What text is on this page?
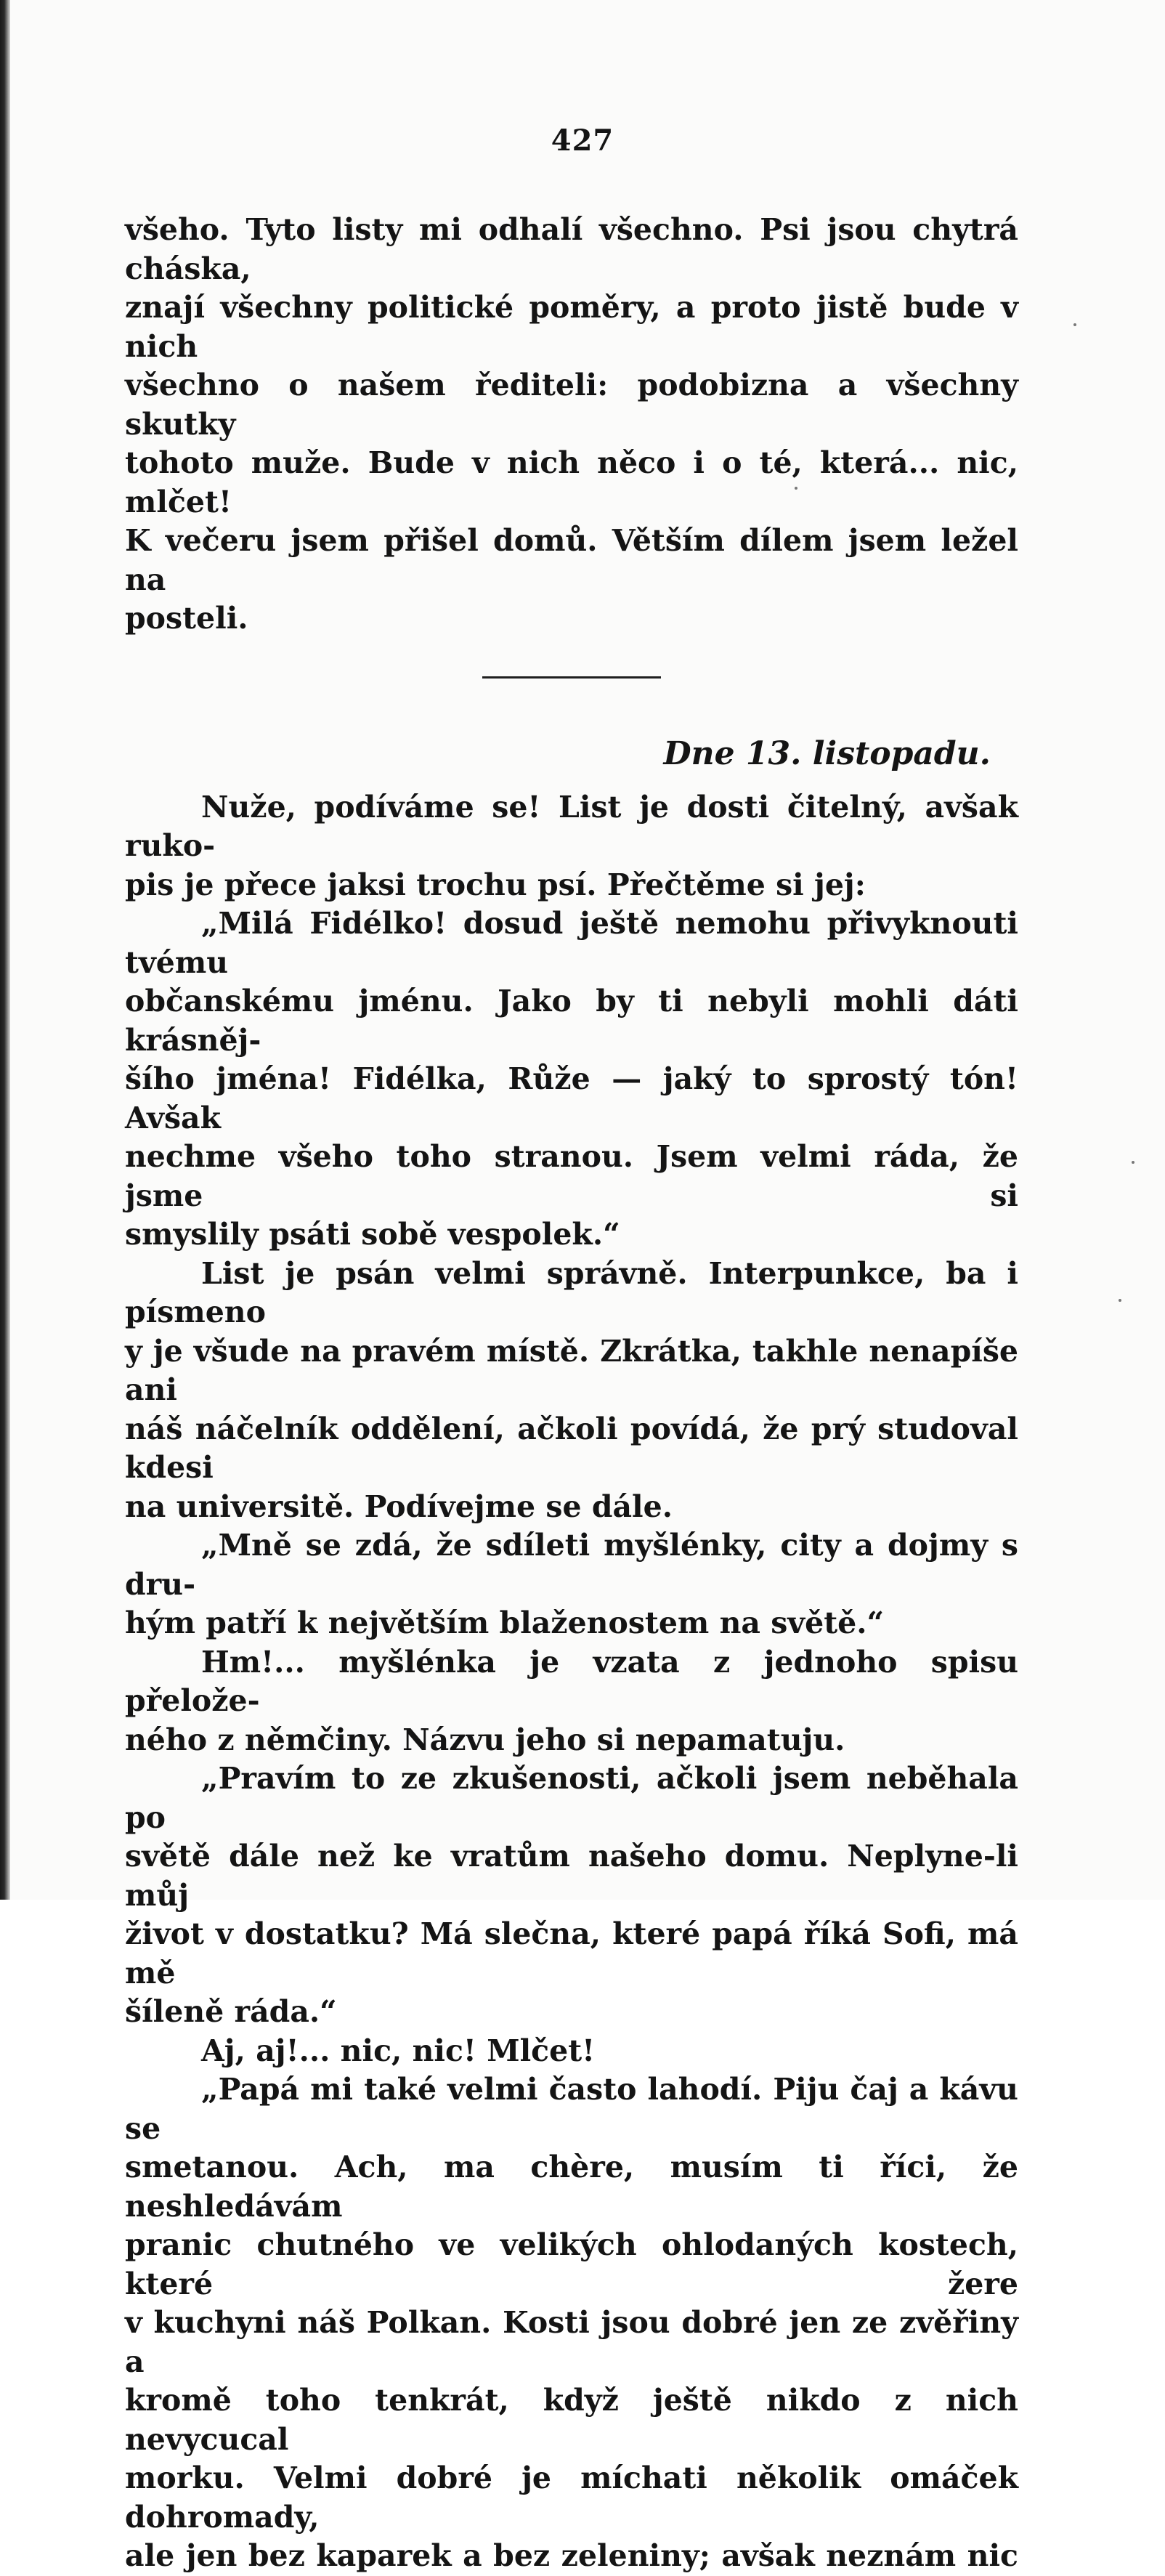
427

všeho. Tyto listy mi odhalí všechno. Psi jsou chytrá cháska,

znají všechny politické poměry, a proto jistě bude v nich

všechno o našem řediteli: podobizna a všechny skutky

tohoto muže. Bude v nich něco i o té, která... nic, mlčet!

K večeru jsem přišel domů. Větším dílem jsem ležel na

posteli.

Dne 13. listopadu.

Nuže, podíváme se! List je dosti čitelný, avšak ruko-

pis je přece jaksi trochu psí. Přečtěme si jej:

„Milá Fidélko! dosud ještě nemohu přivyknouti tvému

občanskému jménu. Jako by ti nebyli mohli dáti krásněj-

šího jména! Fidélka, Růže — jaký to sprostý tón! Avšak

nechme všeho toho stranou. Jsem velmi ráda, že jsme si

smyslily psáti sobě vespolek.“

List je psán velmi správně. Interpunkce, ba i písmeno

y je všude na pravém místě. Zkrátka, takhle nenapíše ani

náš náčelník oddělení, ačkoli povídá, že prý studoval kdesi

na universitě. Podívejme se dále.

„Mně se zdá, že sdíleti myšlénky, city a dojmy s dru-

hým patří k největším blaženostem na světě.“

Hm!... myšlénka je vzata z jednoho spisu přelože-

ného z němčiny. Názvu jeho si nepamatuju.

„Pravím to ze zkušenosti, ačkoli jsem neběhala po

světě dále než ke vratům našeho domu. Neplyne-li můj

život v dostatku? Má slečna, které papá říká Sofi, má mě

šíleně ráda.“

Aj, aj!... nic, nic! Mlčet!

„Papá mi také velmi často lahodí. Piju čaj a kávu se

smetanou. Ach, ma chère, musím ti říci, že neshledávám

pranic chutného ve velikých ohlodaných kostech, které žere

v kuchyni náš Polkan. Kosti jsou dobré jen ze zvěřiny a

kromě toho tenkrát, když ještě nikdo z nich nevycucal

morku. Velmi dobré je míchati několik omáček dohromady,

ale jen bez kaparek a bez zeleniny; avšak neznám nic
